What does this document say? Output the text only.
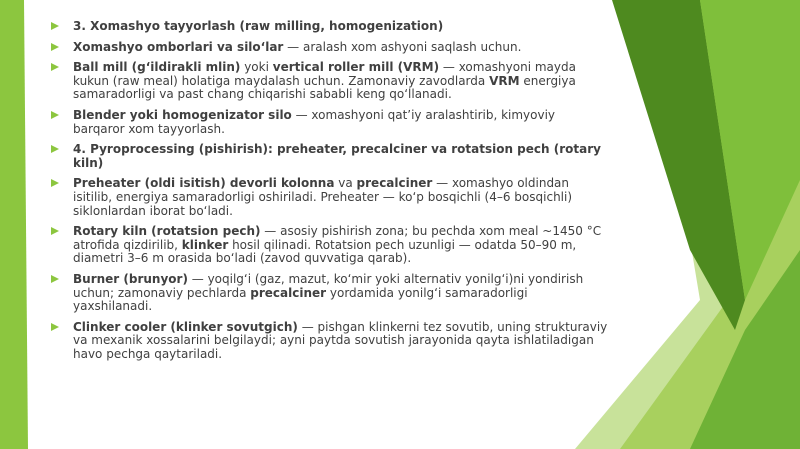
3. Xomashyo tayyorlash (raw milling, homogenization)
Xomashyo omborlari va silo‘lar — aralash xom ashyoni saqlash uchun.
Ball mill (g‘ildirakli mlin) yoki vertical roller mill (VRM) — xomashyoni mayda kukun (raw meal) holatiga maydalash uchun. Zamonaviy zavodlarda VRM energiya samaradorligi va past chang chiqarishi sababli keng qo‘llanadi.
Blender yoki homogenizator silo — xomashyoni qat’iy aralashtirib, kimyoviy barqaror xom tayyorlash.
4. Pyroprocessing (pishirish): preheater, precalciner va rotatsion pech (rotary kiln)
Preheater (oldi isitish) devorli kolonna va precalciner — xomashyo oldindan isitilib, energiya samaradorligi oshiriladi. Preheater — ko‘p bosqichli (4–6 bosqichli) siklonlardan iborat bo‘ladi.
Rotary kiln (rotatsion pech) — asosiy pishirish zona; bu pechda xom meal ~1450 °C atrofida qizdirilib, klinker hosil qilinadi. Rotatsion pech uzunligi — odatda 50–90 m, diametri 3–6 m orasida bo‘ladi (zavod quvvatiga qarab).
Burner (brunyor) — yoqilg‘i (gaz, mazut, ko‘mir yoki alternativ yonilg‘i)ni yondirish uchun; zamonaviy pechlarda precalciner yordamida yonilg‘i samaradorligi yaxshilanadi.
Clinker cooler (klinker sovutgich) — pishgan klinkerni tez sovutib, uning strukturaviy va mexanik xossalarini belgilaydi; ayni paytda sovutish jarayonida qayta ishlatiladigan havo pechga qaytariladi.
